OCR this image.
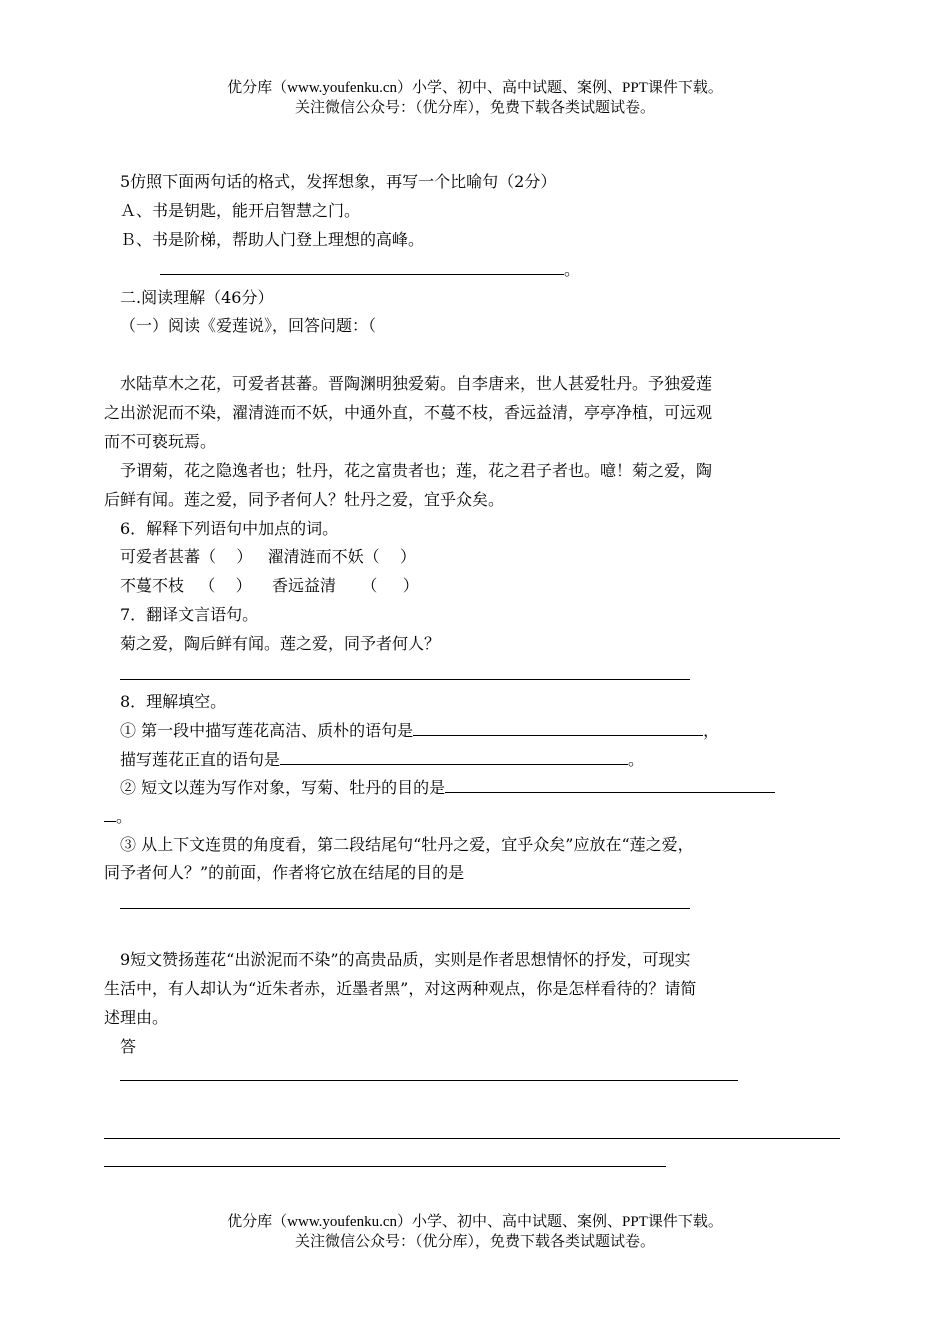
优分库（www.youfenku.cn）小学、初中、高中试题、案例、PPT课件下载。
关注微信公众号：（优分库），免费下载各类试题试卷。
5仿照下面两句话的格式，发挥想象，再写一个比喻句（2分）
Ａ、书是钥匙，能开启智慧之门。
Ｂ、书是阶梯，帮助人门登上理想的高峰。
。
二.阅读理解（46分）
（一）阅读《爱莲说》，回答问题：（
水陆草木之花，可爱者甚蕃。晋陶渊明独爱菊。自李唐来，世人甚爱牡丹。予独爱莲
之出淤泥而不染，濯清涟而不妖，中通外直，不蔓不枝，香远益清，亭亭净植，可远观
而不可亵玩焉。
予谓菊，花之隐逸者也；牡丹，花之富贵者也；莲，花之君子者也。噫！菊之爱，陶
后鲜有闻。莲之爱，同予者何人？牡丹之爱，宜乎众矣。
6．解释下列语句中加点的词。
可爱者甚蕃（    ）   濯清涟而不妖（    ）
不蔓不枝   （    ）    香远益清     （     ）
7．翻译文言语句。
菊之爱，陶后鲜有闻。莲之爱，同予者何人？
8．理解填空。
① 第一段中描写莲花高洁、质朴的语句是	，
描写莲花正直的语句是	。
② 短文以莲为写作对象，写菊、牡丹的目的是
。
③ 从上下文连贯的角度看，第二段结尾句“牡丹之爱，宜乎众矣”应放在“莲之爱，
同予者何人？”的前面，作者将它放在结尾的目的是
9短文赞扬莲花“出淤泥而不染”的高贵品质，实则是作者思想情怀的抒发，可现实
生活中，有人却认为“近朱者赤，近墨者黑”，对这两种观点，你是怎样看待的？请简
述理由。
答
优分库（www.youfenku.cn）小学、初中、高中试题、案例、PPT课件下载。
关注微信公众号：（优分库），免费下载各类试题试卷。
